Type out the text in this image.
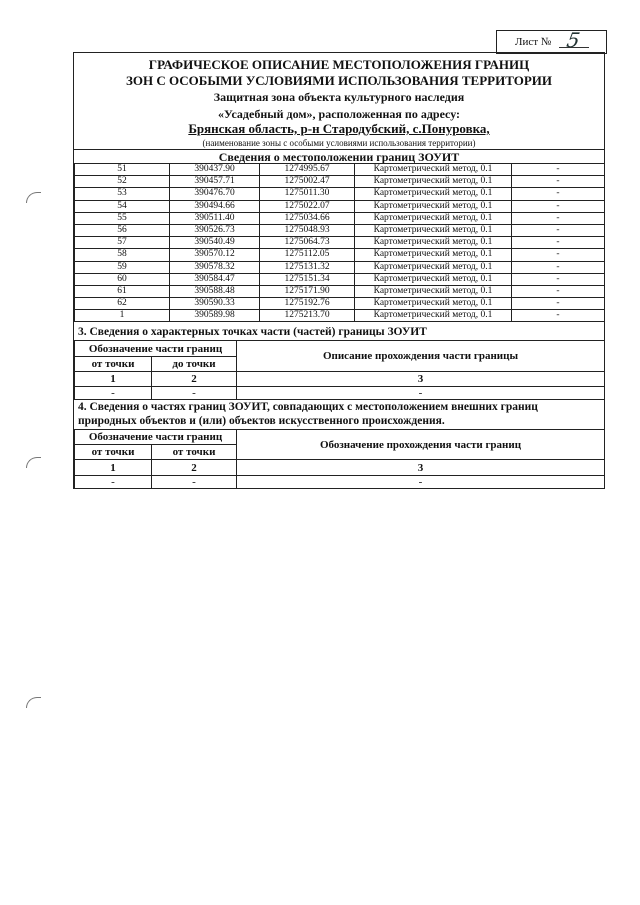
Лист № 5
ГРАФИЧЕСКОЕ ОПИСАНИЕ МЕСТОПОЛОЖЕНИЯ ГРАНИЦ
ЗОН С ОСОБЫМИ УСЛОВИЯМИ ИСПОЛЬЗОВАНИЯ ТЕРРИТОРИИ
Защитная зона объекта культурного наследия
«Усадебный дом», расположенная по адресу:
Брянская область, р-н Стародубский, с.Понуровка,
(наименование зоны с особыми условиями использования территории)
Сведения о местоположении границ ЗОУИТ
51	390437.90	1274995.67	Картометрический метод, 0.1	-
52	390457.71	1275002.47	Картометрический метод, 0.1	-
53	390476.70	1275011.30	Картометрический метод, 0.1	-
54	390494.66	1275022.07	Картометрический метод, 0.1	-
55	390511.40	1275034.66	Картометрический метод, 0.1	-
56	390526.73	1275048.93	Картометрический метод, 0.1	-
57	390540.49	1275064.73	Картометрический метод, 0.1	-
58	390570.12	1275112.05	Картометрический метод, 0.1	-
59	390578.32	1275131.32	Картометрический метод, 0.1	-
60	390584.47	1275151.34	Картометрический метод, 0.1	-
61	390588.48	1275171.90	Картометрический метод, 0.1	-
62	390590.33	1275192.76	Картометрический метод, 0.1	-
1	390589.98	1275213.70	Картометрический метод, 0.1	-
3. Сведения о характерных точках части (частей) границы ЗОУИТ
Обозначение части границ		Описание прохождения части границы
от точки	до точки	
1	2	3
-	-	-
4. Сведения о частях границ ЗОУИТ, совпадающих с местоположением внешних границ
природных объектов и (или) объектов искусственного происхождения.
Обозначение части границ		Обозначение прохождения части границ
от точки	от точки	
1	2	3
-	-	-
